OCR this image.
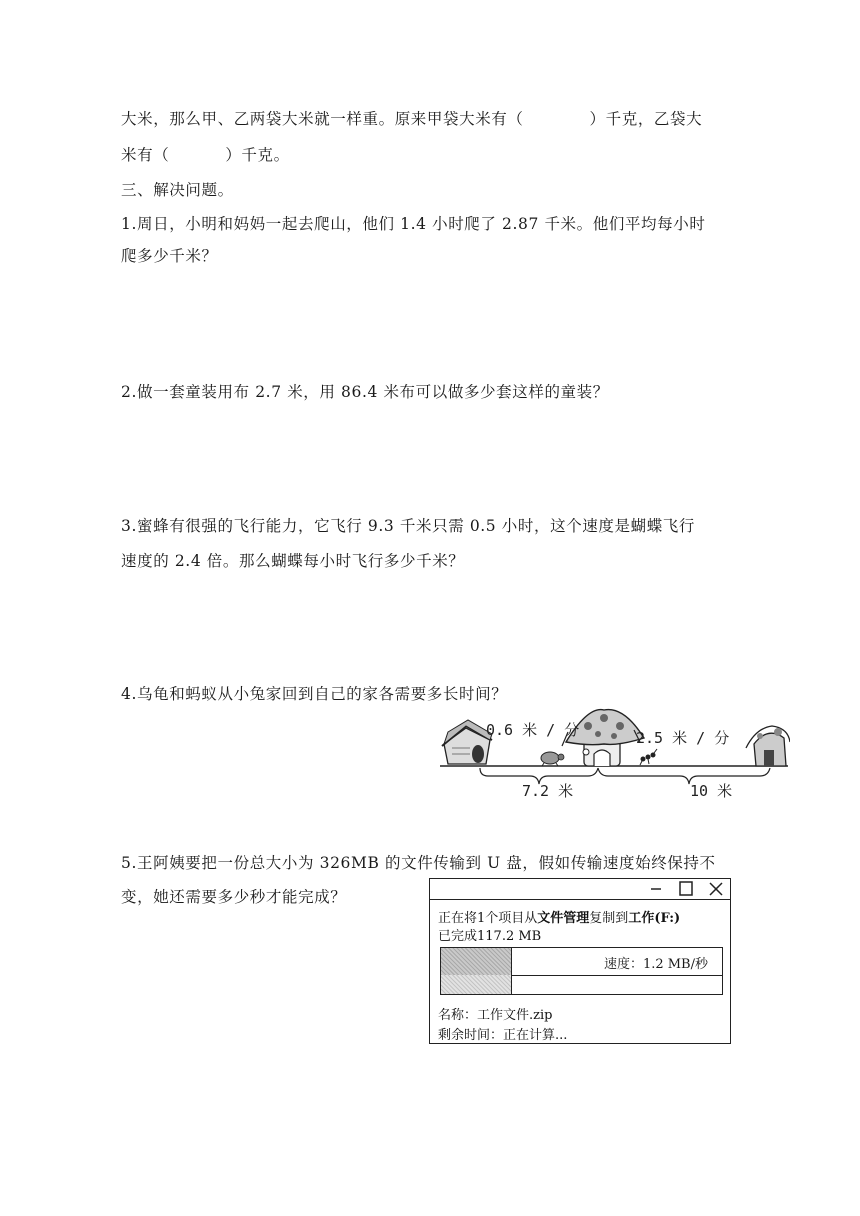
大米，那么甲、乙两袋大米就一样重。原来甲袋大米有（	）千克，乙袋大
米有（	）千克。
三、解决问题。
1.周日，小明和妈妈一起去爬山，他们 1.4 小时爬了 2.87 千米。他们平均每小时
爬多少千米？
2.做一套童装用布 2.7 米，用 86.4 米布可以做多少套这样的童装？
3.蜜蜂有很强的飞行能力，它飞行 9.3 千米只需 0.5 小时，这个速度是蝴蝶飞行
速度的 2.4 倍。那么蝴蝶每小时飞行多少千米？
4.乌龟和蚂蚁从小兔家回到自己的家各需要多长时间？
0.6 米 / 分	2.5 米 / 分
7.2 米	10 米
5.王阿姨要把一份总大小为 326MB 的文件传输到 U 盘，假如传输速度始终保持不
变，她还需要多少秒才能完成？
正在将1个项目从文件管理复制到工作(F:)
已完成117.2 MB
速度：1.2 MB/秒
名称：工作文件.zip
剩余时间：正在计算...
